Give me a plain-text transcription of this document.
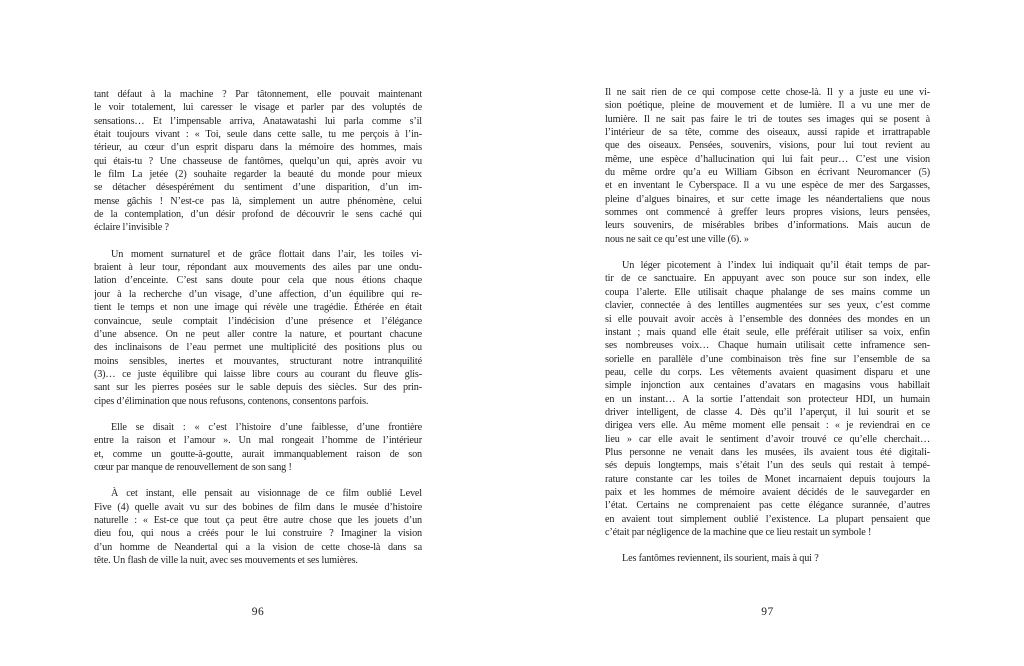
tant défaut à la machine ? Par tâtonnement, elle pouvait maintenant
le voir totalement, lui caresser le visage et parler par des voluptés de
sensations… Et l’impensable arriva, Anatawatashi lui parla comme s’il
était toujours vivant : « Toi, seule dans cette salle, tu me perçois à l’in-
térieur, au cœur d’un esprit disparu dans la mémoire des hommes, mais
qui étais-tu ? Une chasseuse de fantômes, quelqu’un qui, après avoir vu
le film La jetée (2) souhaite regarder la beauté du monde pour mieux
se détacher désespérément du sentiment d’une disparition, d’un im-
mense gâchis ! N’est-ce pas là, simplement un autre phénomène, celui
de la contemplation, d’un désir profond de découvrir le sens caché qui
éclaire l’invisible ?
Un moment surnaturel et de grâce flottait dans l’air, les toiles vi-
braient à leur tour, répondant aux mouvements des ailes par une ondu-
lation d’enceinte. C’est sans doute pour cela que nous étions chaque
jour à la recherche d’un visage, d’une affection, d’un équilibre qui re-
tient le temps et non une image qui révèle une tragédie. Éthérée en était
convaincue, seule comptait l’indécision d’une présence et l’élégance
d’une absence. On ne peut aller contre la nature, et pourtant chacune
des inclinaisons de l’eau permet une multiplicité des positions plus ou
moins sensibles, inertes et mouvantes, structurant notre intranquilité
(3)… ce juste équilibre qui laisse libre cours au courant du fleuve glis-
sant sur les pierres posées sur le sable depuis des siècles. Sur des prin-
cipes d’élimination que nous refusons, contenons, consentons parfois.
Elle se disait : « c’est l’histoire d’une faiblesse, d’une frontière
entre la raison et l’amour ». Un mal rongeait l’homme de l’intérieur
et, comme un goutte-à-goutte, aurait immanquablement raison de son
cœur par manque de renouvellement de son sang !
À cet instant, elle pensait au visionnage de ce film oublié Level
Five (4) quelle avait vu sur des bobines de film dans le musée d’histoire
naturelle : « Est-ce que tout ça peut être autre chose que les jouets d’un
dieu fou, qui nous a créés pour le lui construire ? Imaginer la vision
d’un homme de Neandertal qui a la vision de cette chose-là dans sa
tête. Un flash de ville la nuit, avec ses mouvements et ses lumières.
96
Il ne sait rien de ce qui compose cette chose-là. Il y a juste eu une vi-
sion poétique, pleine de mouvement et de lumière. Il a vu une mer de
lumière. Il ne sait pas faire le tri de toutes ses images qui se posent à
l’intérieur de sa tête, comme des oiseaux, aussi rapide et irrattrapable
que des oiseaux. Pensées, souvenirs, visions, pour lui tout revient au
même, une espèce d’hallucination qui lui fait peur… C’est une vision
du même ordre qu’a eu William Gibson en écrivant Neuromancer (5)
et en inventant le Cyberspace. Il a vu une espèce de mer des Sargasses,
pleine d’algues binaires, et sur cette image les néandertaliens que nous
sommes ont commencé à greffer leurs propres visions, leurs pensées,
leurs souvenirs, de misérables bribes d’informations. Mais aucun de
nous ne sait ce qu’est une ville (6). »
Un léger picotement à l’index lui indiquait qu’il était temps de par-
tir de ce sanctuaire. En appuyant avec son pouce sur son index, elle
coupa l’alerte. Elle utilisait chaque phalange de ses mains comme un
clavier, connectée à des lentilles augmentées sur ses yeux, c’est comme
si elle pouvait avoir accès à l’ensemble des données des mondes en un
instant ; mais quand elle était seule, elle préférait utiliser sa voix, enfin
ses nombreuses voix… Chaque humain utilisait cette inframence sen-
sorielle en parallèle d’une combinaison très fine sur l’ensemble de sa
peau, celle du corps. Les vêtements avaient quasiment disparu et une
simple injonction aux centaines d’avatars en magasins vous habillait
en un instant… A la sortie l’attendait son protecteur HDI, un humain
driver intelligent, de classe 4. Dès qu’il l’aperçut, il lui sourit et se
dirigea vers elle. Au même moment elle pensait : « je reviendrai en ce
lieu » car elle avait le sentiment d’avoir trouvé ce qu’elle cherchait…
Plus personne ne venait dans les musées, ils avaient tous été digitali-
sés depuis longtemps, mais s’était l’un des seuls qui restait à tempé-
rature constante car les toiles de Monet incarnaient depuis toujours la
paix et les hommes de mémoire avaient décidés de le sauvegarder en
l’état. Certains ne comprenaient pas cette élégance surannée, d’autres
en avaient tout simplement oublié l’existence. La plupart pensaient que
c’était par négligence de la machine que ce lieu restait un symbole !
Les fantômes reviennent, ils sourient, mais à qui ?
97
